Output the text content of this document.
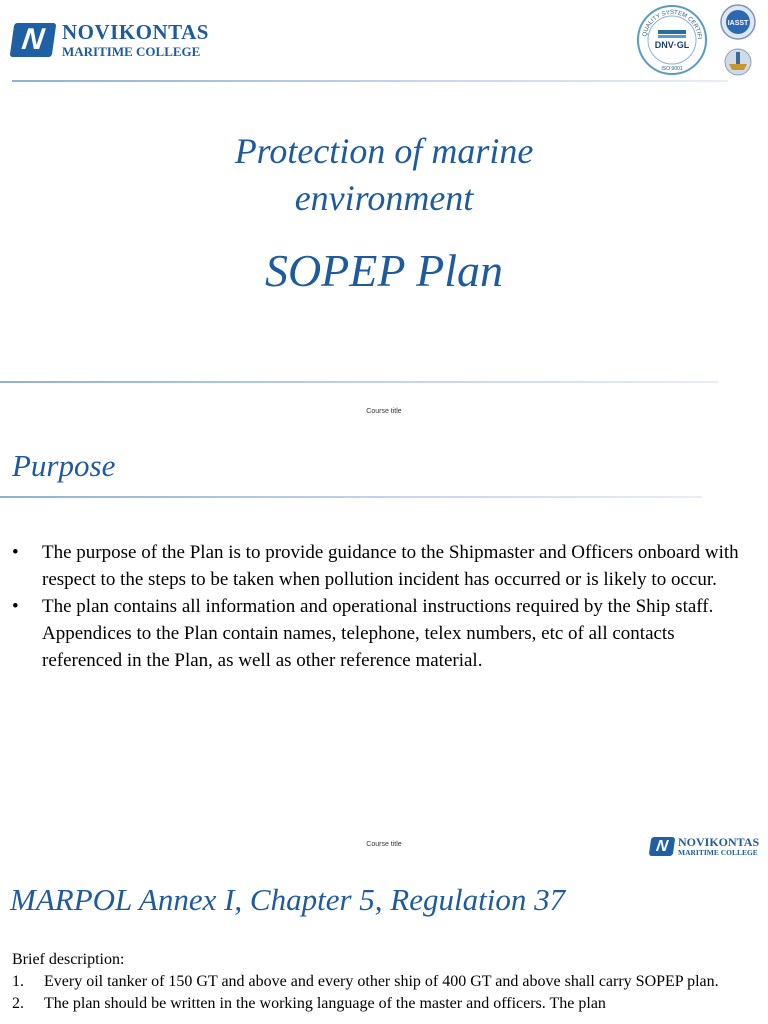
N NOVIKONTAS
MARITIME COLLEGE
QUALITY SYSTEM CERTIFI
DNV·GL
ISO 9001
IASST
Protection of marine
environment
SOPEP Plan
Course title
Purpose
•	The purpose of the Plan is to provide guidance to the Shipmaster and Officers onboard with respect to the steps to be taken when pollution incident has occurred or is likely to occur.
•	The plan contains all information and operational instructions required by the Ship staff. Appendices to the Plan contain names, telephone, telex numbers, etc of all contacts referenced in the Plan, as well as other reference material.
Course title	N NOVIKONTAS
MARITIME COLLEGE
MARPOL Annex I, Chapter 5, Regulation 37
Brief description:
1.	Every oil tanker of 150 GT and above and every other ship of 400 GT and above shall carry SOPEP plan.
2.	The plan should be written in the working language of the master and officers. The plan
